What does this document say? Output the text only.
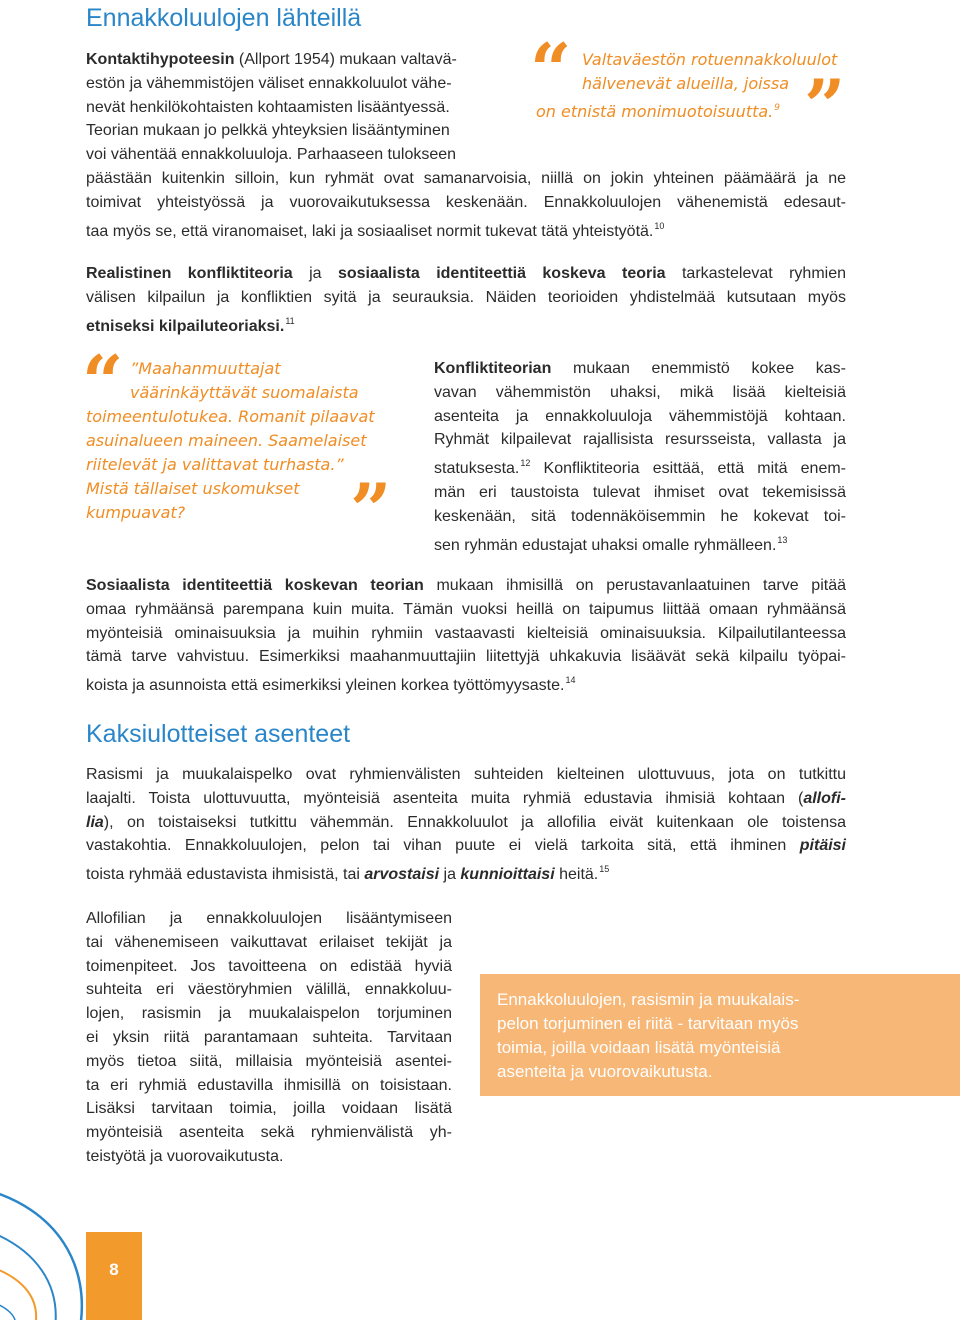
Ennakkoluulojen lähteillä
Kontaktihypoteesin (Allport 1954) mukaan valtavä-
estön ja vähemmistöjen väliset ennakkoluulot vähe-
nevät henkilökohtaisten kohtaamisten lisääntyessä.
Teorian mukaan jo pelkkä yhteyksien lisääntyminen
voi vähentää ennakkoluuloja. Parhaaseen tulokseen
päästään kuitenkin silloin, kun ryhmät ovat samanarvoisia, niillä on jokin yhteinen päämäärä ja ne
toimivat yhteistyössä ja vuorovaikutuksessa keskenään. Ennakkoluulojen vähenemistä edesaut-
taa myös se, että viranomaiset, laki ja sosiaaliset normit tukevat tätä yhteistyötä.$^{10}$
“ Valtaväestön rotuennakkoluulot
hälvenevät alueilla, joissa
on etnistä monimuotoisuutta.$^9$ ”
Realistinen konfliktiteoria ja sosiaalista identiteettiä koskeva teoria tarkastelevat ryhmien
välisen kilpailun ja konfliktien syitä ja seurauksia. Näiden teorioiden yhdistelmää kutsutaan myös
etniseksi kilpailuteoriaksi.$^{11}$
“ ”Maahanmuuttajat
väärinkäyttävät suomalaista
toimeentulotukea. Romanit pilaavat
asuinalueen maineen. Saamelaiset
riitelevät ja valittavat turhasta.”
Mistä tällaiset uskomukset
kumpuavat?	”
Konfliktiteorian mukaan enemmistö kokee kas-
vavan vähemmistön uhaksi, mikä lisää kielteisiä
asenteita ja ennakkoluuloja vähemmistöjä kohtaan.
Ryhmät kilpailevat rajallisista resursseista, vallasta ja
statuksesta.$^{12}$ Konfliktiteoria esittää, että mitä enem-
män eri taustoista tulevat ihmiset ovat tekemisissä
keskenään, sitä todennäköisemmin he kokevat toi-
sen ryhmän edustajat uhaksi omalle ryhmälleen.$^{13}$
Sosiaalista identiteettiä koskevan teorian mukaan ihmisillä on perustavanlaatuinen tarve pitää
omaa ryhmäänsä parempana kuin muita. Tämän vuoksi heillä on taipumus liittää omaan ryhmäänsä
myönteisiä ominaisuuksia ja muihin ryhmiin vastaavasti kielteisiä ominaisuuksia. Kilpailutilanteessa
tämä tarve vahvistuu. Esimerkiksi maahanmuuttajiin liitettyjä uhkakuvia lisäävät sekä kilpailu työpai-
koista ja asunnoista että esimerkiksi yleinen korkea työttömyysaste.$^{14}$
Kaksiulotteiset asenteet
Rasismi ja muukalaispelko ovat ryhmienvälisten suhteiden kielteinen ulottuvuus, jota on tutkittu
laajalti. Toista ulottuvuutta, myönteisiä asenteita muita ryhmiä edustavia ihmisiä kohtaan (allofi-
lia), on toistaiseksi tutkittu vähemmän. Ennakkoluulot ja allofilia eivät kuitenkaan ole toistensa
vastakohtia. Ennakkoluulojen, pelon tai vihan puute ei vielä tarkoita sitä, että ihminen pitäisi
toista ryhmää edustavista ihmisistä, tai arvostaisi ja kunnioittaisi heitä.$^{15}$
Allofilian ja ennakkoluulojen lisääntymiseen
tai vähenemiseen vaikuttavat erilaiset tekijät ja
toimenpiteet. Jos tavoitteena on edistää hyviä
suhteita eri väestöryhmien välillä, ennakkoluu-
lojen, rasismin ja muukalaispelon torjuminen
ei yksin riitä parantamaan suhteita. Tarvitaan
myös tietoa siitä, millaisia myönteisiä asentei-
ta eri ryhmiä edustavilla ihmisillä on toisistaan.
Lisäksi tarvitaan toimia, joilla voidaan lisätä
myönteisiä asenteita sekä ryhmienvälistä yh-
teistyötä ja vuorovaikutusta.
Ennakkoluulojen, rasismin ja muukalais-
pelon torjuminen ei riitä - tarvitaan myös
toimia, joilla voidaan lisätä myönteisiä
asenteita ja vuorovaikutusta.
8
